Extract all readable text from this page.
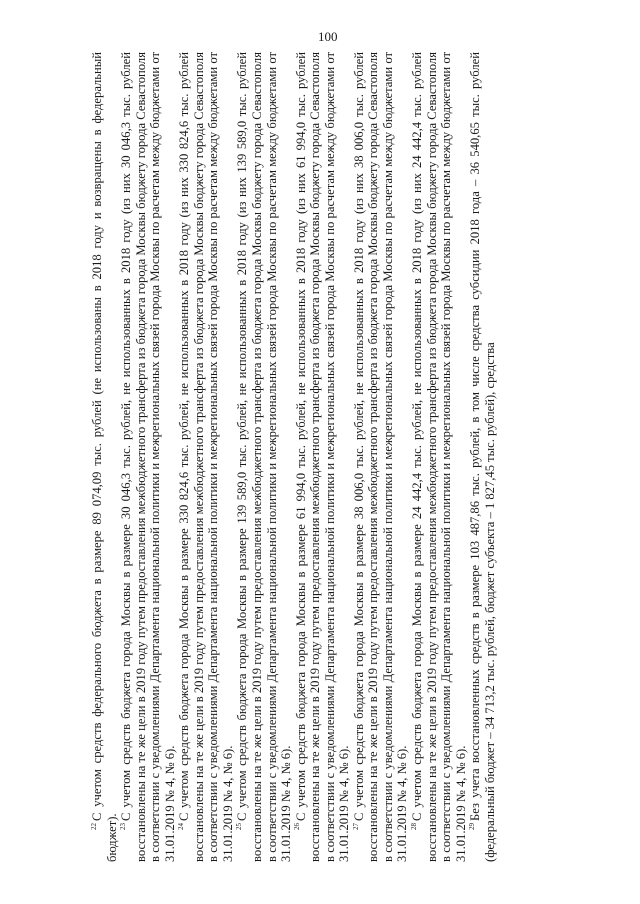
100

$^{22}$С учетом средств федерального бюджета в размере 89 074,09 тыс. рублей (не использованы в 2018 году и возвращены в федеральный бюджет). $^{23}$С учетом средств бюджета города Москвы в размере 30 046,3 тыс. рублей, не использованных в 2018 году (из них 30 046,3 тыс. рублей восстановлены на те же цели в 2019 году путем предоставления межбюджетного трансферта из бюджета города Москвы бюджету города Севастополя в соответствии с уведомлениями Департамента национальной политики и межрегиональных связей города Москвы по расчетам между бюджетами от 31.01.2019 № 4, № 6). $^{24}$С учетом средств бюджета города Москвы в размере 330 824,6 тыс. рублей, не использованных в 2018 году (из них 330 824,6 тыс. рублей восстановлены на те же цели в 2019 году путем предоставления межбюджетного трансферта из бюджета города Москвы бюджету города Севастополя в соответствии с уведомлениями Департамента национальной политики и межрегиональных связей города Москвы по расчетам между бюджетами от 31.01.2019 № 4, № 6). $^{25}$С учетом средств бюджета города Москвы в размере 139 589,0 тыс. рублей, не использованных в 2018 году (из них 139 589,0 тыс. рублей восстановлены на те же цели в 2019 году путем предоставления межбюджетного трансферта из бюджета города Москвы бюджету города Севастополя в соответствии с уведомлениями Департамента национальной политики и межрегиональных связей города Москвы по расчетам между бюджетами от 31.01.2019 № 4, № 6). $^{26}$С учетом средств бюджета города Москвы в размере 61 994,0 тыс. рублей, не использованных в 2018 году (из них 61 994,0 тыс. рублей восстановлены на те же цели в 2019 году путем предоставления межбюджетного трансферта из бюджета города Москвы бюджету города Севастополя в соответствии с уведомлениями Департамента национальной политики и межрегиональных связей города Москвы по расчетам между бюджетами от 31.01.2019 № 4, № 6). $^{27}$С учетом средств бюджета города Москвы в размере 38 006,0 тыс. рублей, не использованных в 2018 году (из них 38 006,0 тыс. рублей восстановлены на те же цели в 2019 году путем предоставления межбюджетного трансферта из бюджета города Москвы бюджету города Севастополя в соответствии с уведомлениями Департамента национальной политики и межрегиональных связей города Москвы по расчетам между бюджетами от 31.01.2019 № 4, № 6). $^{28}$С учетом средств бюджета города Москвы в размере 24 442,4 тыс. рублей, не использованных в 2018 году (из них 24 442,4 тыс. рублей восстановлены на те же цели в 2019 году путем предоставления межбюджетного трансферта из бюджета города Москвы бюджету города Севастополя в соответствии с уведомлениями Департамента национальной политики и межрегиональных связей города Москвы по расчетам между бюджетами от 31.01.2019 № 4, № 6). $^{29}$Без учета восстановленных средств в размере 103 487,86 тыс. рублей, в том числе средства субсидии 2018 года – 36 540,65 тыс. рублей (федеральный бюджет – 34 713,2 тыс. рублей, бюджет субъекта – 1 827,45 тыс. рублей), средства
